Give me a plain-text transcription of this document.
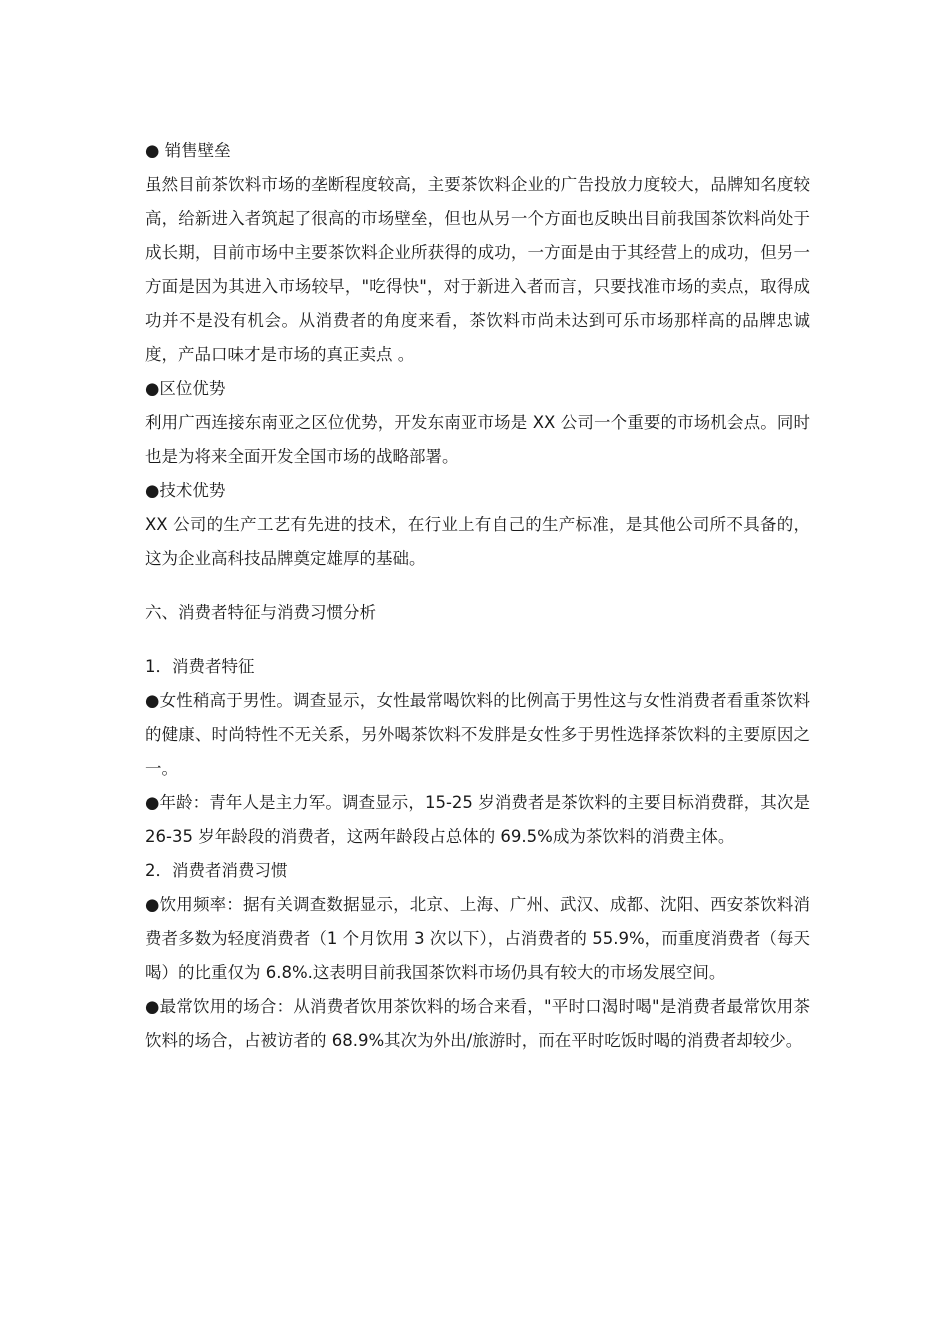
● 销售壁垒

虽然目前茶饮料市场的垄断程度较高，主要茶饮料企业的广告投放力度较大，品牌知名度较高，给新进入者筑起了很高的市场壁垒，但也从另一个方面也反映出目前我国茶饮料尚处于成长期，目前市场中主要茶饮料企业所获得的成功，一方面是由于其经营上的成功，但另一方面是因为其进入市场较早，"吃得快"，对于新进入者而言，只要找准市场的卖点，取得成功并不是没有机会。从消费者的角度来看，茶饮料市尚未达到可乐市场那样高的品牌忠诚度，产品口味才是市场的真正卖点 。

●区位优势

利用广西连接东南亚之区位优势，开发东南亚市场是 XX 公司一个重要的市场机会点。同时也是为将来全面开发全国市场的战略部署。

●技术优势

XX 公司的生产工艺有先进的技术，在行业上有自己的生产标准，是其他公司所不具备的，这为企业高科技品牌奠定雄厚的基础。

六、消费者特征与消费习惯分析

1．消费者特征

●女性稍高于男性。调查显示，女性最常喝饮料的比例高于男性这与女性消费者看重茶饮料的健康、时尚特性不无关系，另外喝茶饮料不发胖是女性多于男性选择茶饮料的主要原因之一。

●年龄：青年人是主力军。调查显示，15-25 岁消费者是茶饮料的主要目标消费群，其次是 26-35 岁年龄段的消费者，这两年龄段占总体的 69.5%成为茶饮料的消费主体。

2．消费者消费习惯

●饮用频率：据有关调查数据显示，北京、上海、广州、武汉、成都、沈阳、西安茶饮料消费者多数为轻度消费者（1 个月饮用 3 次以下），占消费者的 55.9%，而重度消费者（每天喝）的比重仅为 6.8%.这表明目前我国茶饮料市场仍具有较大的市场发展空间。

●最常饮用的场合：从消费者饮用茶饮料的场合来看，"平时口渴时喝"是消费者最常饮用茶饮料的场合，占被访者的 68.9%其次为外出/旅游时，而在平时吃饭时喝的消费者却较少。
